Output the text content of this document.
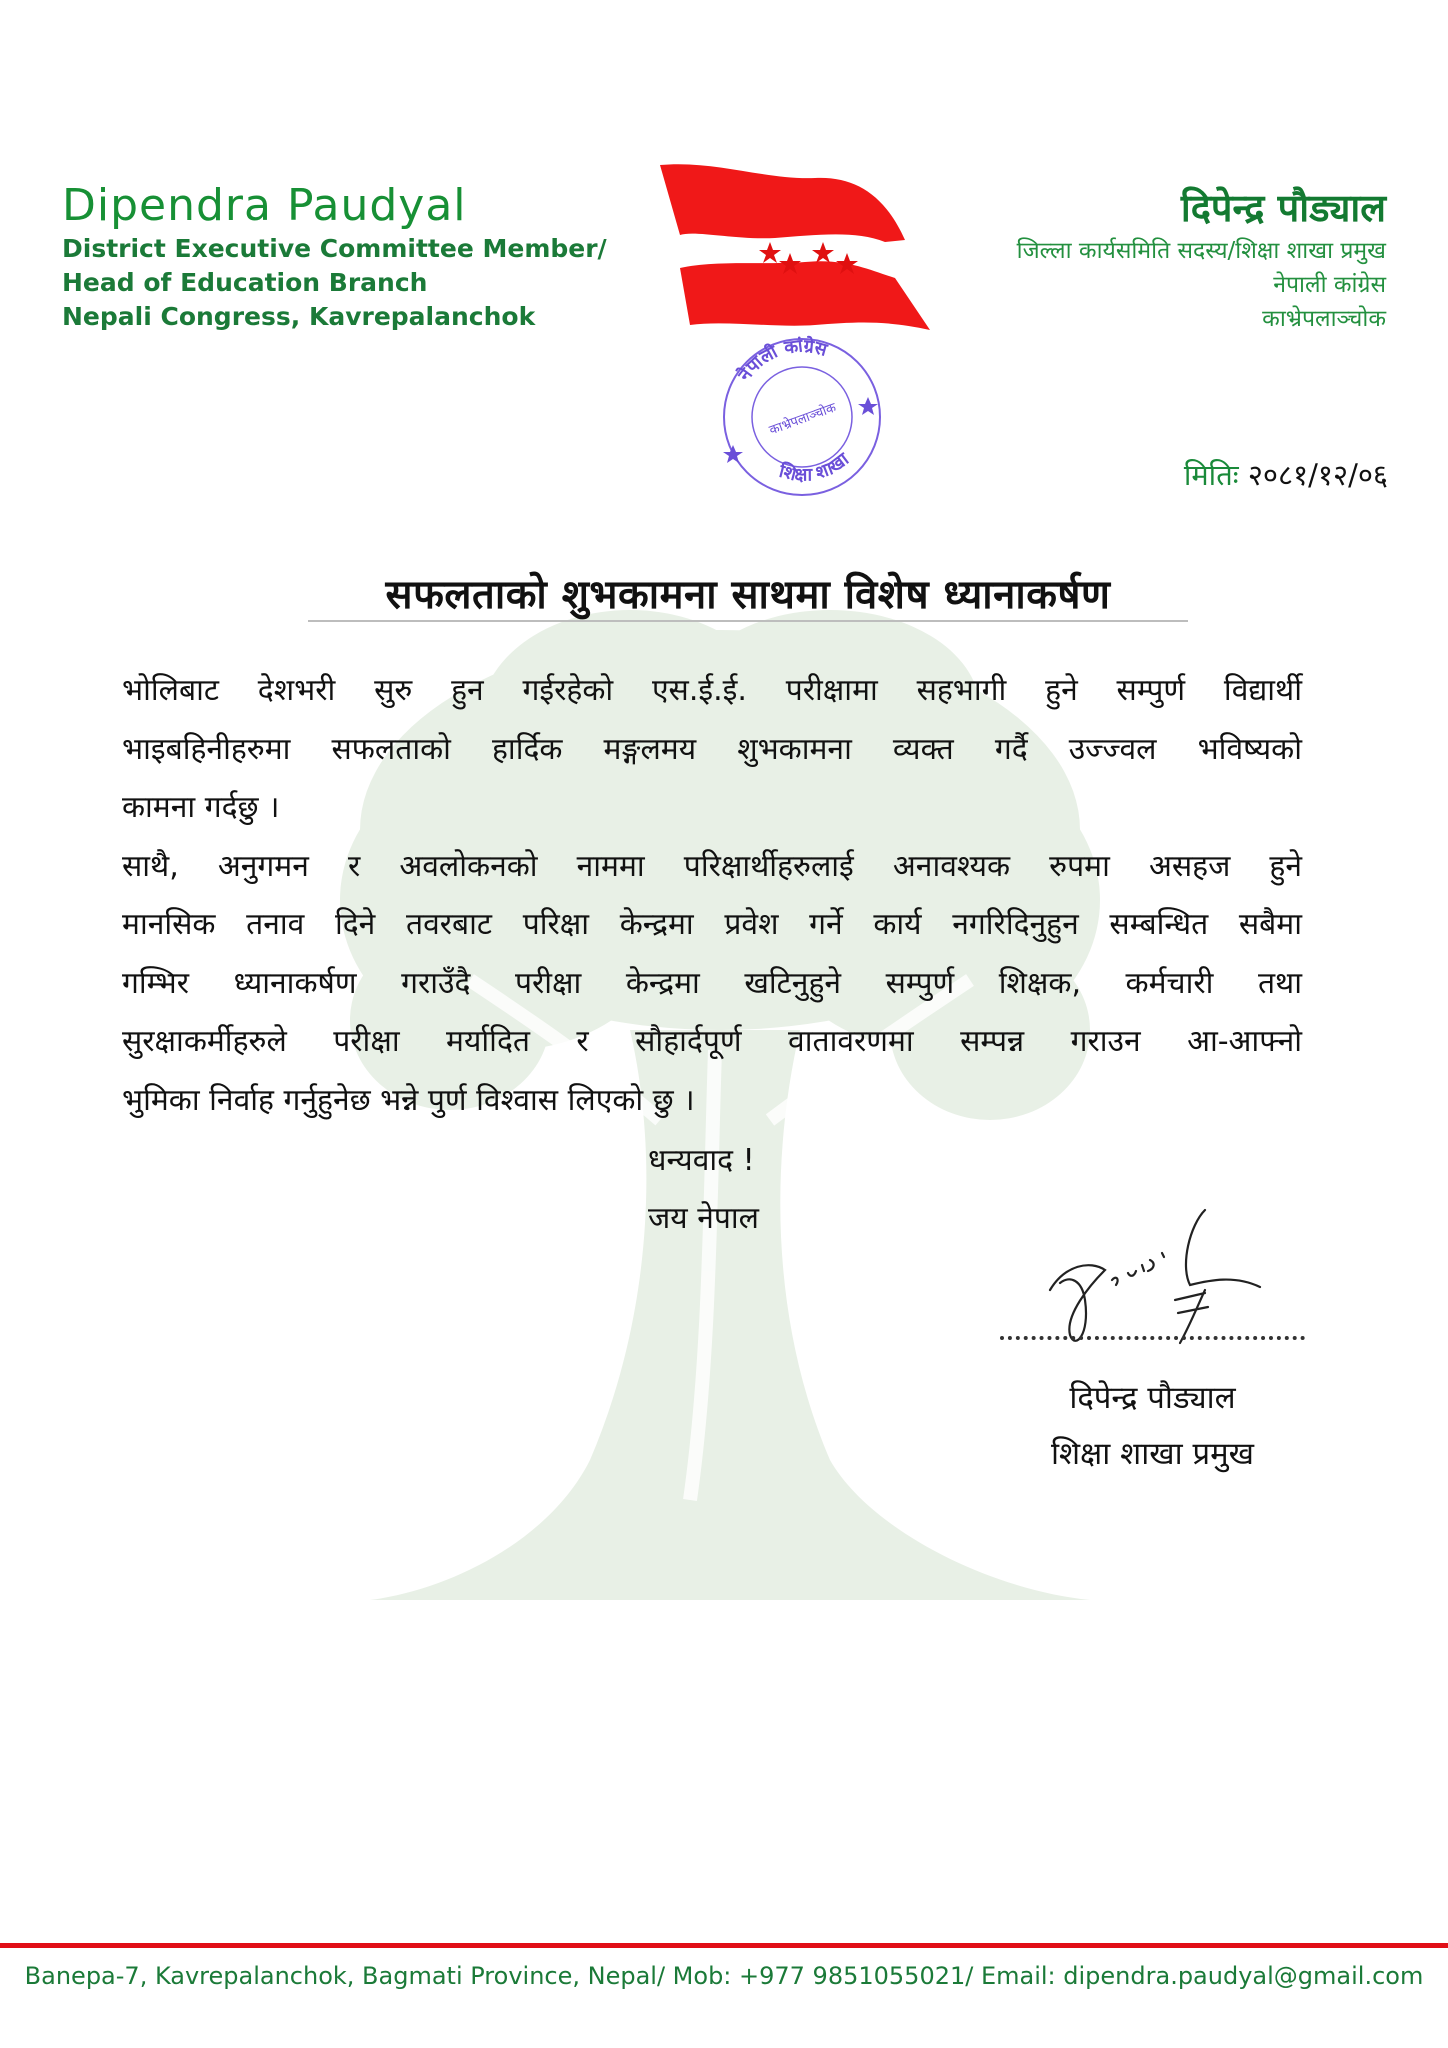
Dipendra Paudyal
District Executive Committee Member/
Head of Education Branch
Nepali Congress, Kavrepalanchok
नेपाली कांग्रेस
काभ्रेपलाञ्चोक
शिक्षा शाखा
दिपेन्द्र पौड्याल
जिल्ला कार्यसमिति सदस्य/शिक्षा शाखा प्रमुख
नेपाली कांग्रेस
काभ्रेपलाञ्चोक
मितिः २०८१/१२/०६
सफलताको शुभकामना साथमा विशेष ध्यानाकर्षण

भोलिबाट देशभरी सुरु हुन गईरहेको एस.ई.ई. परीक्षामा सहभागी हुने सम्पुर्ण विद्यार्थी
भाइबहिनीहरुमा सफलताको हार्दिक मङ्गलमय शुभकामना व्यक्त गर्दै उज्ज्वल भविष्यको
कामना गर्दछु ।

साथै, अनुगमन र अवलोकनको नाममा परिक्षार्थीहरुलाई अनावश्यक रुपमा असहज हुने
मानसिक तनाव दिने तवरबाट परिक्षा केन्द्रमा प्रवेश गर्ने कार्य नगरिदिनुहुन सम्बन्धित सबैमा
गम्भिर ध्यानाकर्षण गराउँदै परीक्षा केन्द्रमा खटिनुहुने सम्पुर्ण शिक्षक, कर्मचारी तथा
सुरक्षाकर्मीहरुले परीक्षा मर्यादित र सौहार्दपूर्ण वातावरणमा सम्पन्न गराउन आ-आफ्नो
भुमिका निर्वाह गर्नुहुनेछ भन्ने पुर्ण विश्वास लिएको छु ।

धन्यवाद !
जय नेपाल
दिपेन्द्र पौड्याल
शिक्षा शाखा प्रमुख
Banepa-7, Kavrepalanchok, Bagmati Province, Nepal/ Mob: +977 9851055021/ Email: dipendra.paudyal@gmail.com
